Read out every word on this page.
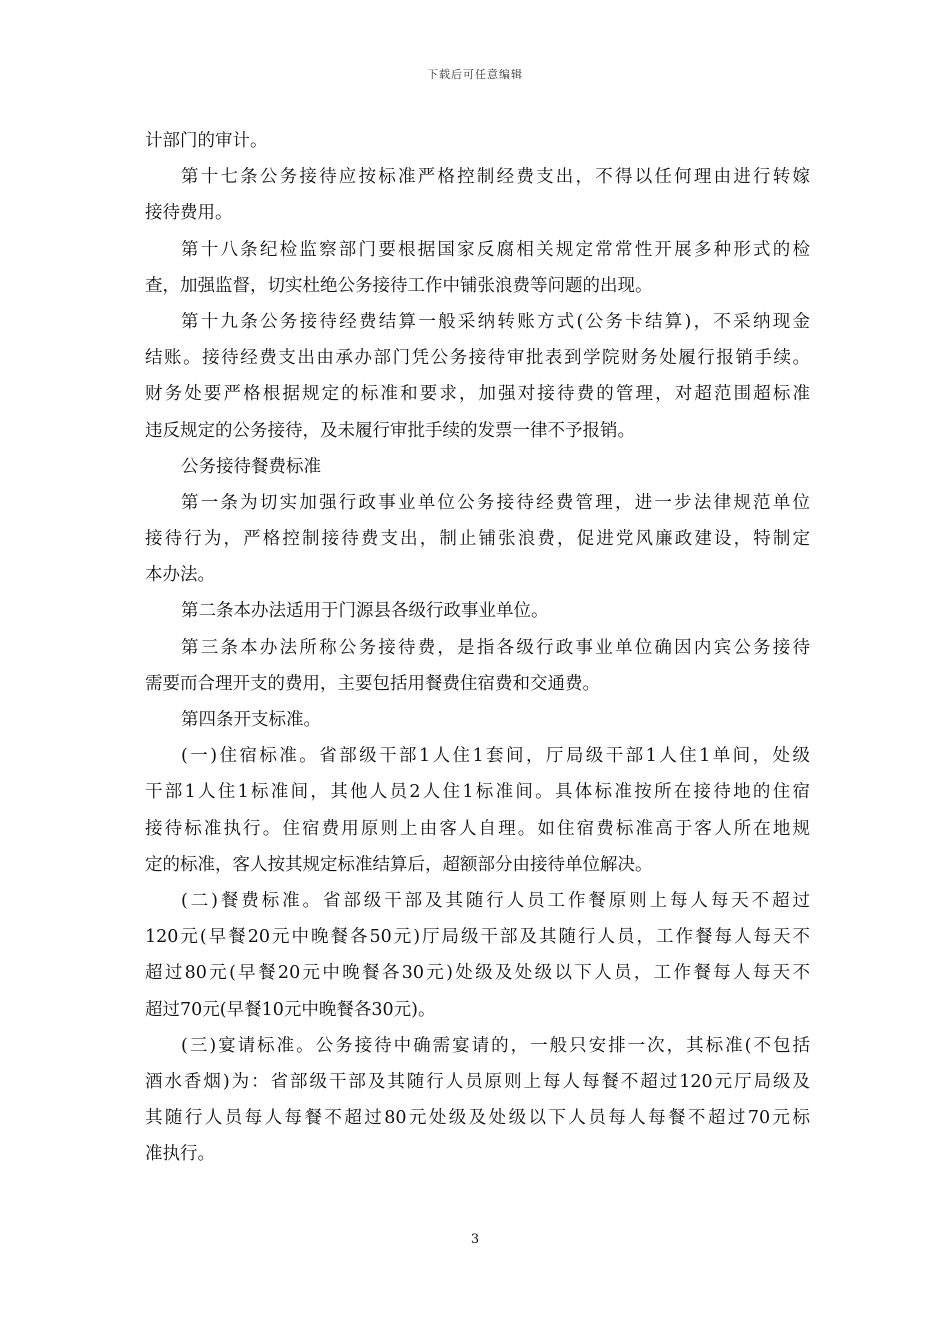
下载后可任意编辑
计部门的审计。
第十七条公务接待应按标准严格控制经费支出，不得以任何理由进行转嫁
接待费用。
第十八条纪检监察部门要根据国家反腐相关规定常常性开展多种形式的检
查，加强监督，切实杜绝公务接待工作中铺张浪费等问题的出现。
第十九条公务接待经费结算一般采纳转账方式(公务卡结算)，不采纳现金
结账。接待经费支出由承办部门凭公务接待审批表到学院财务处履行报销手续。
财务处要严格根据规定的标准和要求，加强对接待费的管理，对超范围超标准
违反规定的公务接待，及未履行审批手续的发票一律不予报销。
公务接待餐费标准
第一条为切实加强行政事业单位公务接待经费管理，进一步法律规范单位
接待行为，严格控制接待费支出，制止铺张浪费，促进党风廉政建设，特制定
本办法。
第二条本办法适用于门源县各级行政事业单位。
第三条本办法所称公务接待费，是指各级行政事业单位确因内宾公务接待
需要而合理开支的费用，主要包括用餐费住宿费和交通费。
第四条开支标准。
(一)住宿标准。省部级干部1人住1套间，厅局级干部1人住1单间，处级
干部1人住1标准间，其他人员2人住1标准间。具体标准按所在接待地的住宿
接待标准执行。住宿费用原则上由客人自理。如住宿费标准高于客人所在地规
定的标准，客人按其规定标准结算后，超额部分由接待单位解决。
(二)餐费标准。省部级干部及其随行人员工作餐原则上每人每天不超过
120元(早餐20元中晚餐各50元)厅局级干部及其随行人员，工作餐每人每天不
超过80元(早餐20元中晚餐各30元)处级及处级以下人员，工作餐每人每天不
超过70元(早餐10元中晚餐各30元)。
(三)宴请标准。公务接待中确需宴请的，一般只安排一次，其标准(不包括
酒水香烟)为：省部级干部及其随行人员原则上每人每餐不超过120元厅局级及
其随行人员每人每餐不超过80元处级及处级以下人员每人每餐不超过70元标
准执行。
3
